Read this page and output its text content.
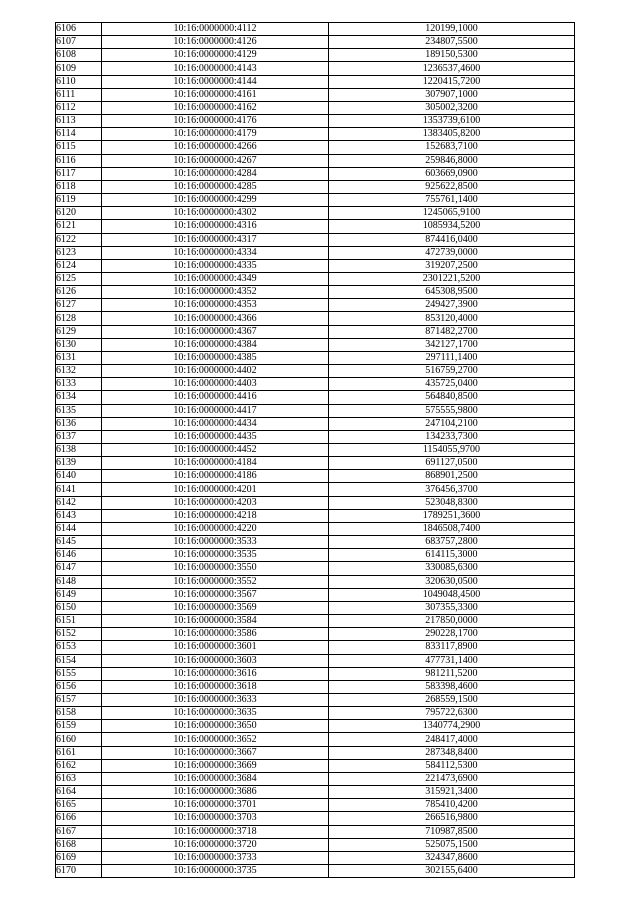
6106	10:16:0000000:4112	120199,1000
6107	10:16:0000000:4126	234807,5500
6108	10:16:0000000:4129	189150,5300
6109	10:16:0000000:4143	1236537,4600
6110	10:16:0000000:4144	1220415,7200
6111	10:16:0000000:4161	307907,1000
6112	10:16:0000000:4162	305002,3200
6113	10:16:0000000:4176	1353739,6100
6114	10:16:0000000:4179	1383405,8200
6115	10:16:0000000:4266	152683,7100
6116	10:16:0000000:4267	259846,8000
6117	10:16:0000000:4284	603669,0900
6118	10:16:0000000:4285	925622,8500
6119	10:16:0000000:4299	755761,1400
6120	10:16:0000000:4302	1245065,9100
6121	10:16:0000000:4316	1085934,5200
6122	10:16:0000000:4317	874416,0400
6123	10:16:0000000:4334	472739,0000
6124	10:16:0000000:4335	319207,2500
6125	10:16:0000000:4349	2301221,5200
6126	10:16:0000000:4352	645308,9500
6127	10:16:0000000:4353	249427,3900
6128	10:16:0000000:4366	853120,4000
6129	10:16:0000000:4367	871482,2700
6130	10:16:0000000:4384	342127,1700
6131	10:16:0000000:4385	297111,1400
6132	10:16:0000000:4402	516759,2700
6133	10:16:0000000:4403	435725,0400
6134	10:16:0000000:4416	564840,8500
6135	10:16:0000000:4417	575555,9800
6136	10:16:0000000:4434	247104,2100
6137	10:16:0000000:4435	134233,7300
6138	10:16:0000000:4452	1154055,9700
6139	10:16:0000000:4184	691127,0500
6140	10:16:0000000:4186	868901,2500
6141	10:16:0000000:4201	376456,3700
6142	10:16:0000000:4203	523048,8300
6143	10:16:0000000:4218	1789251,3600
6144	10:16:0000000:4220	1846508,7400
6145	10:16:0000000:3533	683757,2800
6146	10:16:0000000:3535	614115,3000
6147	10:16:0000000:3550	330085,6300
6148	10:16:0000000:3552	320630,0500
6149	10:16:0000000:3567	1049048,4500
6150	10:16:0000000:3569	307355,3300
6151	10:16:0000000:3584	217850,0000
6152	10:16:0000000:3586	290228,1700
6153	10:16:0000000:3601	833117,8900
6154	10:16:0000000:3603	477731,1400
6155	10:16:0000000:3616	981211,5200
6156	10:16:0000000:3618	583398,4600
6157	10:16:0000000:3633	268559,1500
6158	10:16:0000000:3635	795722,6300
6159	10:16:0000000:3650	1340774,2900
6160	10:16:0000000:3652	248417,4000
6161	10:16:0000000:3667	287348,8400
6162	10:16:0000000:3669	584112,5300
6163	10:16:0000000:3684	221473,6900
6164	10:16:0000000:3686	315921,3400
6165	10:16:0000000:3701	785410,4200
6166	10:16:0000000:3703	266516,9800
6167	10:16:0000000:3718	710987,8500
6168	10:16:0000000:3720	525075,1500
6169	10:16:0000000:3733	324347,8600
6170	10:16:0000000:3735	302155,6400
